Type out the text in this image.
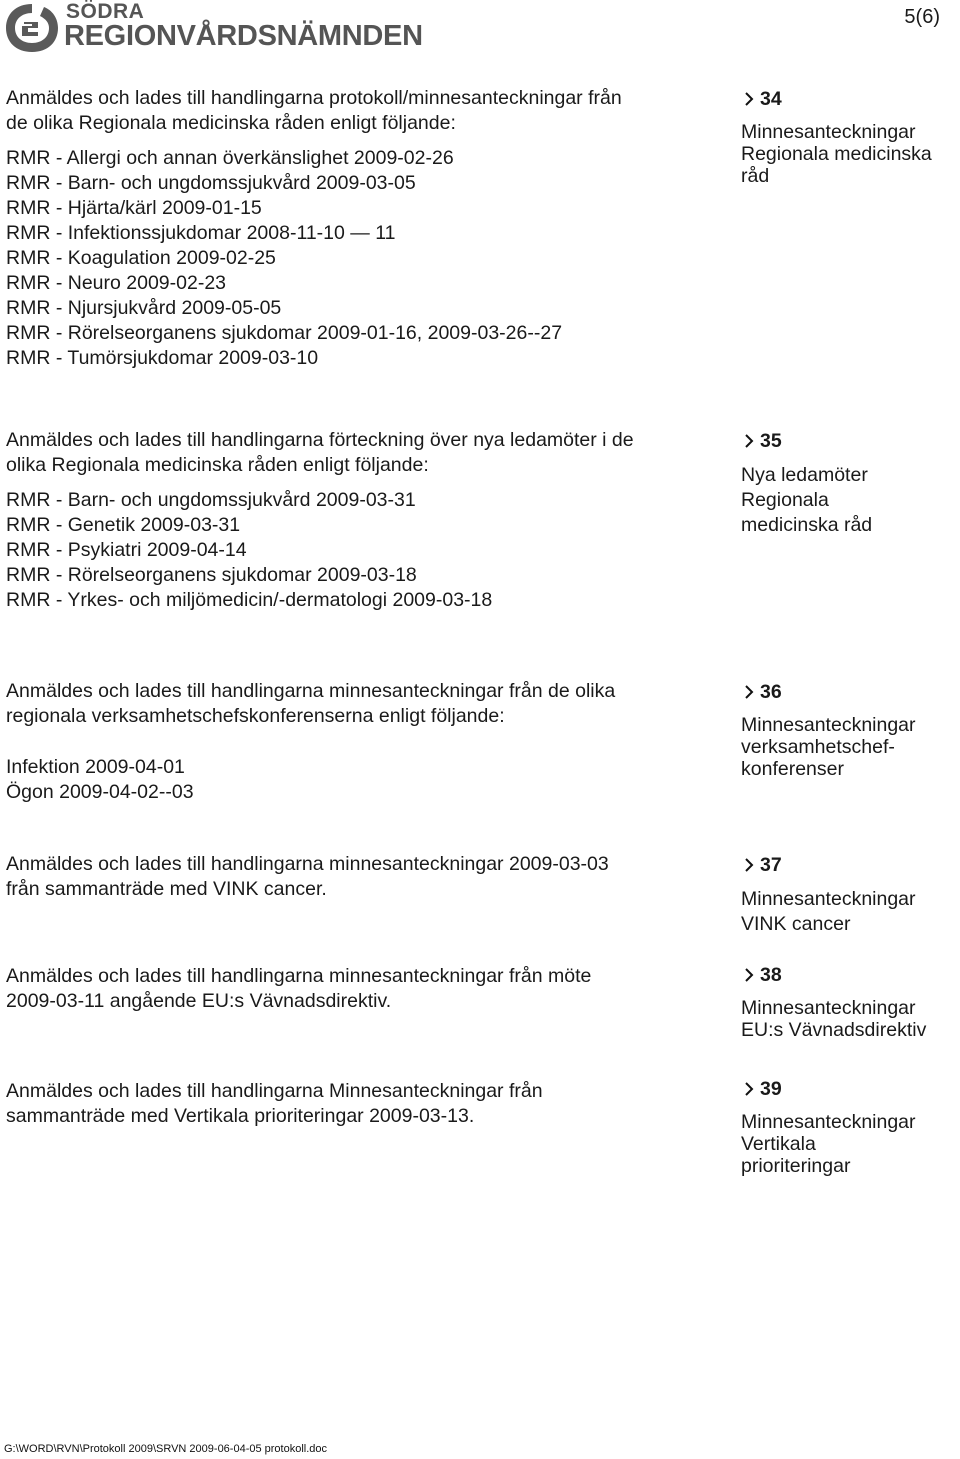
SÖDRA
REGIONVÅRDSNÄMNDEN
5(6)

Anmäldes och lades till handlingarna protokoll/minnesanteckningar från

de olika Regionala medicinska råden enligt följande:

RMR - Allergi och annan överkänslighet 2009-02-26
RMR - Barn- och ungdomssjukvård 2009-03-05
RMR - Hjärta/kärl 2009-01-15
RMR - Infektionssjukdomar 2008-11-10 — 11
RMR - Koagulation 2009-02-25
RMR - Neuro 2009-02-23
RMR - Njursjukvård 2009-05-05
RMR - Rörelseorganens sjukdomar 2009-01-16, 2009-03-26--27
RMR - Tumörsjukdomar 2009-03-10
34
Minnesanteckningar
Regionala medicinska
råd

Anmäldes och lades till handlingarna förteckning över nya ledamöter i de

olika Regionala medicinska råden enligt följande:

RMR - Barn- och ungdomssjukvård 2009-03-31
RMR - Genetik 2009-03-31
RMR - Psykiatri 2009-04-14
RMR - Rörelseorganens sjukdomar 2009-03-18
RMR - Yrkes- och miljömedicin/-dermatologi 2009-03-18
35
Nya ledamöter
Regionala
medicinska råd

Anmäldes och lades till handlingarna minnesanteckningar från de olika

regionala verksamhetschefskonferenserna enligt följande:

Infektion 2009-04-01
Ögon 2009-04-02--03
36
Minnesanteckningar
verksamhetschef-
konferenser

Anmäldes och lades till handlingarna minnesanteckningar 2009-03-03

från sammanträde med VINK cancer.

37
Minnesanteckningar
VINK cancer

Anmäldes och lades till handlingarna minnesanteckningar från möte

2009-03-11 angående EU:s Vävnadsdirektiv.

38
Minnesanteckningar
EU:s Vävnadsdirektiv

Anmäldes och lades till handlingarna Minnesanteckningar från

sammanträde med Vertikala prioriteringar 2009-03-13.

39
Minnesanteckningar
Vertikala
prioriteringar
G:\WORD\RVN\Protokoll 2009\SRVN 2009-06-04-05 protokoll.doc
